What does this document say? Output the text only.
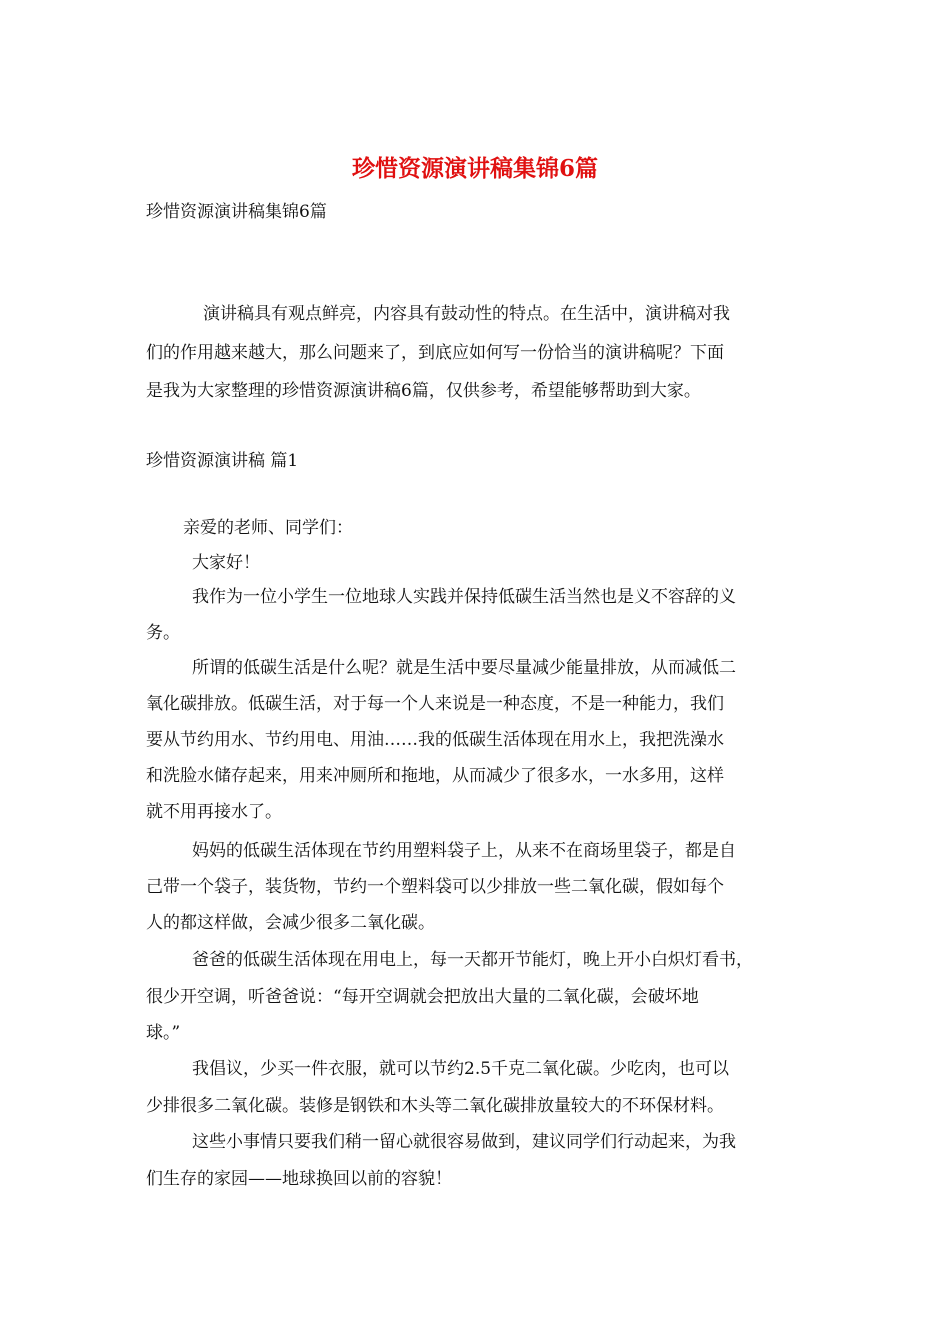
珍惜资源演讲稿集锦6篇
珍惜资源演讲稿集锦6篇
演讲稿具有观点鲜亮，内容具有鼓动性的特点。在生活中，演讲稿对我
们的作用越来越大，那么问题来了，到底应如何写一份恰当的演讲稿呢？下面
是我为大家整理的珍惜资源演讲稿6篇，仅供参考，希望能够帮助到大家。
珍惜资源演讲稿 篇1
亲爱的老师、同学们：
大家好！
我作为一位小学生一位地球人实践并保持低碳生活当然也是义不容辞的义
务。
所谓的低碳生活是什么呢？就是生活中要尽量减少能量排放，从而减低二
氧化碳排放。低碳生活，对于每一个人来说是一种态度，不是一种能力，我们
要从节约用水、节约用电、用油……我的低碳生活体现在用水上，我把洗澡水
和洗脸水储存起来，用来冲厕所和拖地，从而减少了很多水，一水多用，这样
就不用再接水了。
妈妈的低碳生活体现在节约用塑料袋子上，从来不在商场里袋子，都是自
己带一个袋子，装货物，节约一个塑料袋可以少排放一些二氧化碳，假如每个
人的都这样做，会减少很多二氧化碳。
爸爸的低碳生活体现在用电上，每一天都开节能灯，晚上开小白炽灯看书，
很少开空调，听爸爸说：“每开空调就会把放出大量的二氧化碳，会破坏地
球。”
我倡议，少买一件衣服，就可以节约2.5千克二氧化碳。少吃肉，也可以
少排很多二氧化碳。装修是钢铁和木头等二氧化碳排放量较大的不环保材料。
这些小事情只要我们稍一留心就很容易做到，建议同学们行动起来，为我
们生存的家园——地球换回以前的容貌！
